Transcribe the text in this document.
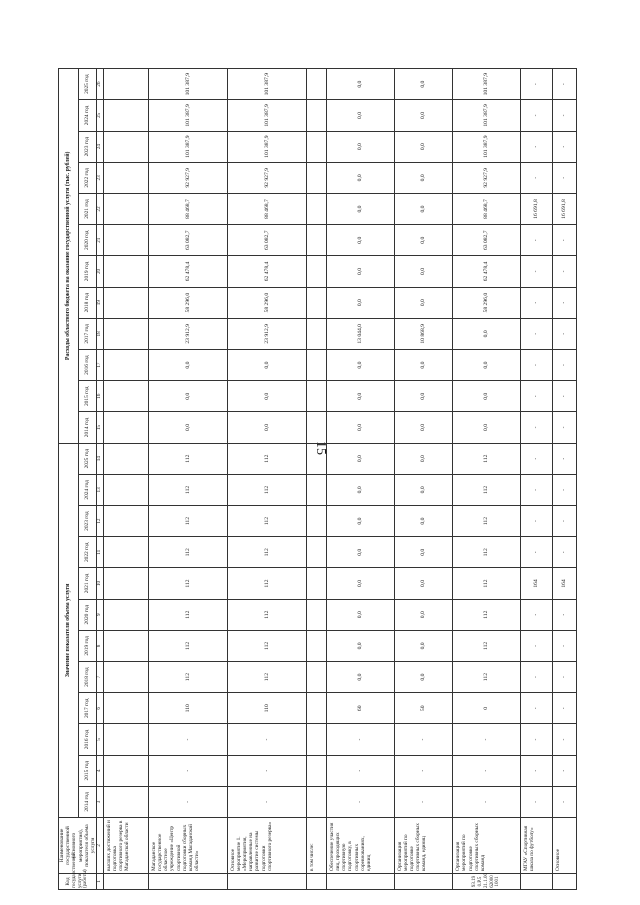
15
Код государственной услуги (работы)	Наименование государственной (основного мероприятия), показателя объема услуги	Значение показателя объема услуги												Расходы областного бюджета на оказание государственной услуги (тыс. рублей)											
		2014 год	2015 год	2016 год	2017 год	2018 год	2019 год	2020 год	2021 год	2022 год	2023 год	2024 год	2025 год	2014 год	2015 год	2016 год	2017 год	2018 год	2019 год	2020 год	2021 год	2022 год	2023 год	2024 год	2025 год
1	2	3	4	5	6	7	8	9	10	11	12	13	14	15	16	17	18	19	20	21	22	23	24	25	26
	высших достижений и подготовка спортивного резерва в Магаданской области																								
	Магаданское государственное областное учреждение «Центр спортивной подготовки сборных команд Магаданской области»	-	-	-	110	112	112	112	112	112	112	112	112	0,0	0,0	0,0	23 912,9	58 296,0	62 478,4	63 082,7	88 468,7	92 927,9	101 387,9	101 387,9	101 387,9
	Основное мероприятие 1. «Мероприятия, направленные на развитие системы подготовки спортивного резерва»	-	-	-	110	112	112	112	112	112	112	112	112	0,0	0,0	0,0	23 912,9	58 296,0	62 478,4	63 082,7	88 468,7	92 927,9	101 387,9	101 387,9	101 387,9
	в том числе:																								
	Обеспечение участия лиц, проходящих спортивную подготовку, в спортивных соревнованиях, единиц	-	-	-	60	0,0	0,0	0,0	0,0	0,0	0,0	0,0	0,0	0,0	0,0	0,0	13 044,0	0,0	0,0	0,0	0,0	0,0	0,0	0,0	0,0
	Организация мероприятий по подготовке спортивных сборных команд, единиц	-	-	-	50	0,0	0,0	0,0	0,0	0,0	0,0	0,0	0,0	0,0	0,0	0,0	10 868,9	0,0	0,0	0,0	0,0	0,0	0,0	0,0	0,0
93.19 0.Р.5 21.1.00 62000 1001	Организация мероприятий по подготовке спортивных сборных команд	-	-	-	0	112	112	112	112	112	112	112	112	0,0	0,0	0,0	0,0	58 296,0	62 478,4	63 082,7	88 468,7	92 927,9	101 387,9	101 387,9	101 387,9
	МГАУ «Спортивная школа по футболу»	-	-	-	-	-	-	-	164	-	-	-	-	-	-	-	-	-	-	-	16 691,8	-	-	-	-
	Основное	-	-	-	-	-	-	-	164	-	-	-	-	-	-	-	-	-	-	-	16 691,8	-	-	-	-
